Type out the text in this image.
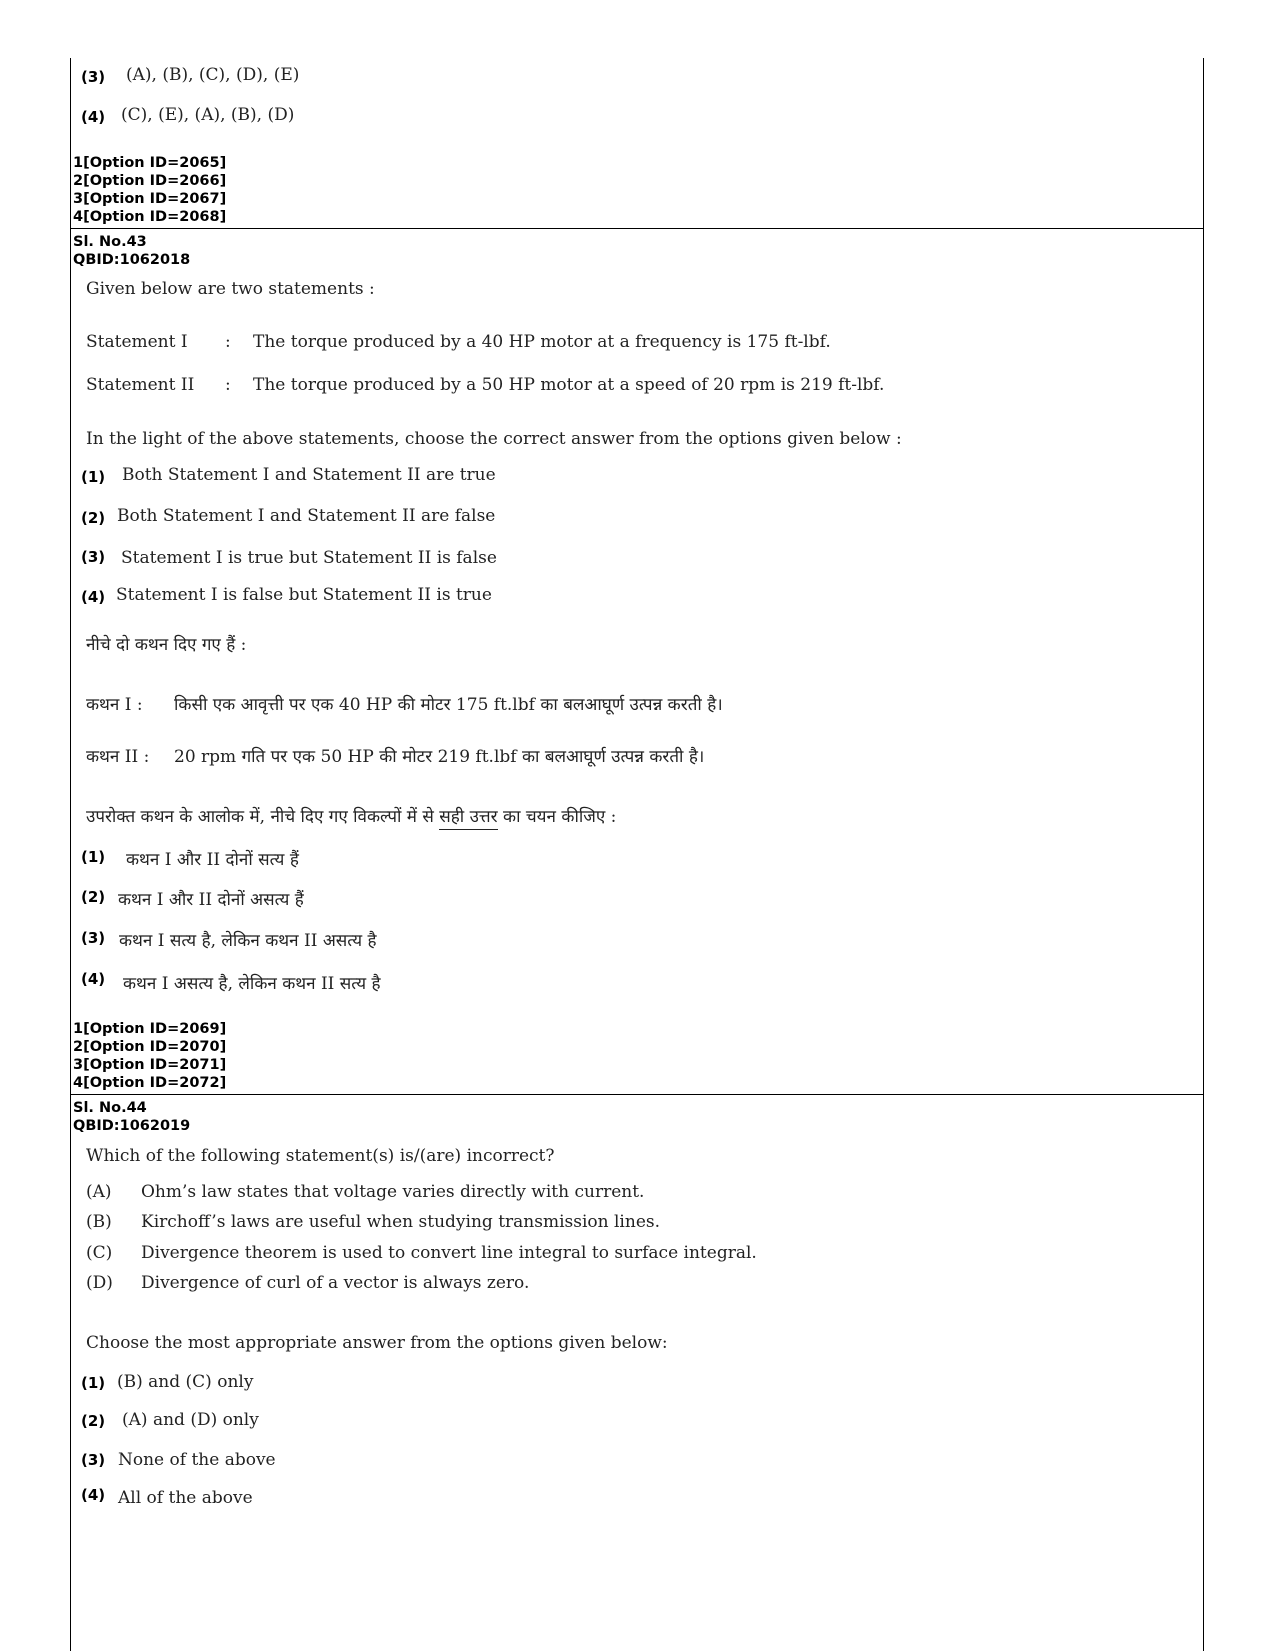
(3) (A), (B), (C), (D), (E)
(4) (C), (E), (A), (B), (D)
1[Option ID=2065]
2[Option ID=2066]
3[Option ID=2067]
4[Option ID=2068]
Sl. No.43
QBID:1062018
Given below are two statements :
Statement I : The torque produced by a 40 HP motor at a frequency is 175 ft-lbf.
Statement II : The torque produced by a 50 HP motor at a speed of 20 rpm is 219 ft-lbf.
In the light of the above statements, choose the correct answer from the options given below :
(1) Both Statement I and Statement II are true
(2) Both Statement I and Statement II are false
(3) Statement I is true but Statement II is false
(4) Statement I is false but Statement II is true
नीचे दो कथन दिए गए हैं :
कथन I : किसी एक आवृत्ती पर एक 40 HP की मोटर 175 ft.lbf का बलआघूर्ण उत्पन्न करती है।
कथन II : 20 rpm गति पर एक 50 HP की मोटर 219 ft.lbf का बलआघूर्ण उत्पन्न करती है।
उपरोक्त कथन के आलोक में, नीचे दिए गए विकल्पों में से सही उत्तर का चयन कीजिए :
(1) कथन I और II दोनों सत्य हैं
(2) कथन I और II दोनों असत्य हैं
(3) कथन I सत्य है, लेकिन कथन II असत्य है
(4) कथन I असत्य है, लेकिन कथन II सत्य है
1[Option ID=2069]
2[Option ID=2070]
3[Option ID=2071]
4[Option ID=2072]
Sl. No.44
QBID:1062019
Which of the following statement(s) is/(are) incorrect?
(A) Ohm’s law states that voltage varies directly with current.
(B) Kirchoff’s laws are useful when studying transmission lines.
(C) Divergence theorem is used to convert line integral to surface integral.
(D) Divergence of curl of a vector is always zero.
Choose the most appropriate answer from the options given below:
(1) (B) and (C) only
(2) (A) and (D) only
(3) None of the above
(4) All of the above
